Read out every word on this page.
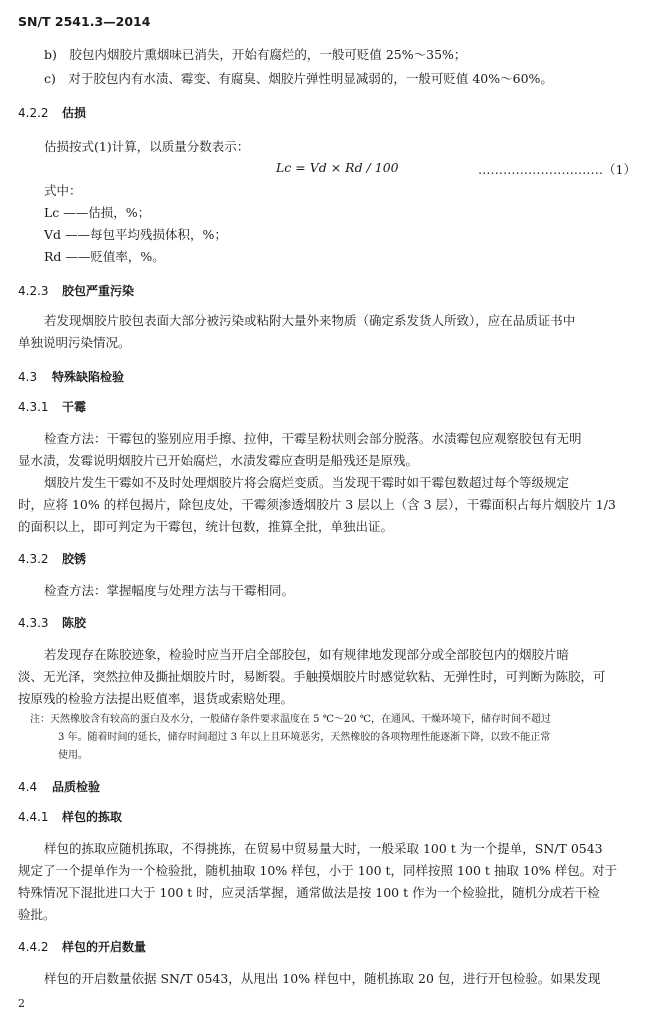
SN/T 2541.3—2014
b)　胶包内烟胶片熏烟味已消失，开始有腐烂的，一般可贬值 25%～35%；
c)　对于胶包内有水渍、霉变、有腐臭、烟胶片弹性明显减弱的，一般可贬值 40%～60%。
4.2.2 估损
估损按式(1)计算，以质量分数表示：
Lc = Vd × Rd / 100	…………………………（1）
式中：
Lc ——估损，%；
Vd ——每包平均残损体积，%；
Rd ——贬值率，%。
4.2.3 胶包严重污染
若发现烟胶片胶包表面大部分被污染或粘附大量外来物质（确定系发货人所致），应在品质证书中
单独说明污染情况。
4.3 特殊缺陷检验
4.3.1 干霉
检查方法：干霉包的鉴别应用手擦、拉伸，干霉呈粉状则会部分脱落。水渍霉包应观察胶包有无明
显水渍，发霉说明烟胶片已开始腐烂，水渍发霉应查明是船残还是原残。
烟胶片发生干霉如不及时处理烟胶片将会腐烂变质。当发现干霉时如干霉包数超过每个等级规定
时，应将 10% 的样包揭片，除包皮处，干霉须渗透烟胶片 3 层以上（含 3 层），干霉面积占每片烟胶片 1/3
的面积以上，即可判定为干霉包，统计包数，推算全批，单独出证。
4.3.2 胶锈
检查方法：掌握幅度与处理方法与干霉相同。
4.3.3 陈胶
若发现存在陈胶迹象，检验时应当开启全部胶包，如有规律地发现部分或全部胶包内的烟胶片暗
淡、无光泽，突然拉伸及撕扯烟胶片时，易断裂。手触摸烟胶片时感觉软粘、无弹性时，可判断为陈胶，可
按原残的检验方法提出贬值率，退货或索赔处理。
注：天然橡胶含有较高的蛋白及水分，一般储存条件要求温度在 5 ℃～20 ℃，在通风、干燥环境下，储存时间不超过
3 年。随着时间的延长，储存时间超过 3 年以上且环境恶劣，天然橡胶的各项物理性能逐渐下降，以致不能正常
使用。
4.4 品质检验
4.4.1 样包的拣取
样包的拣取应随机拣取，不得挑拣，在贸易中贸易量大时，一般采取 100 t 为一个提单，SN/T 0543
规定了一个提单作为一个检验批，随机抽取 10% 样包，小于 100 t，同样按照 100 t 抽取 10% 样包。对于
特殊情况下混批进口大于 100 t 时，应灵活掌握，通常做法是按 100 t 作为一个检验批，随机分成若干检
验批。
4.4.2 样包的开启数量
样包的开启数量依据 SN/T 0543，从甩出 10% 样包中，随机拣取 20 包，进行开包检验。如果发现
2
